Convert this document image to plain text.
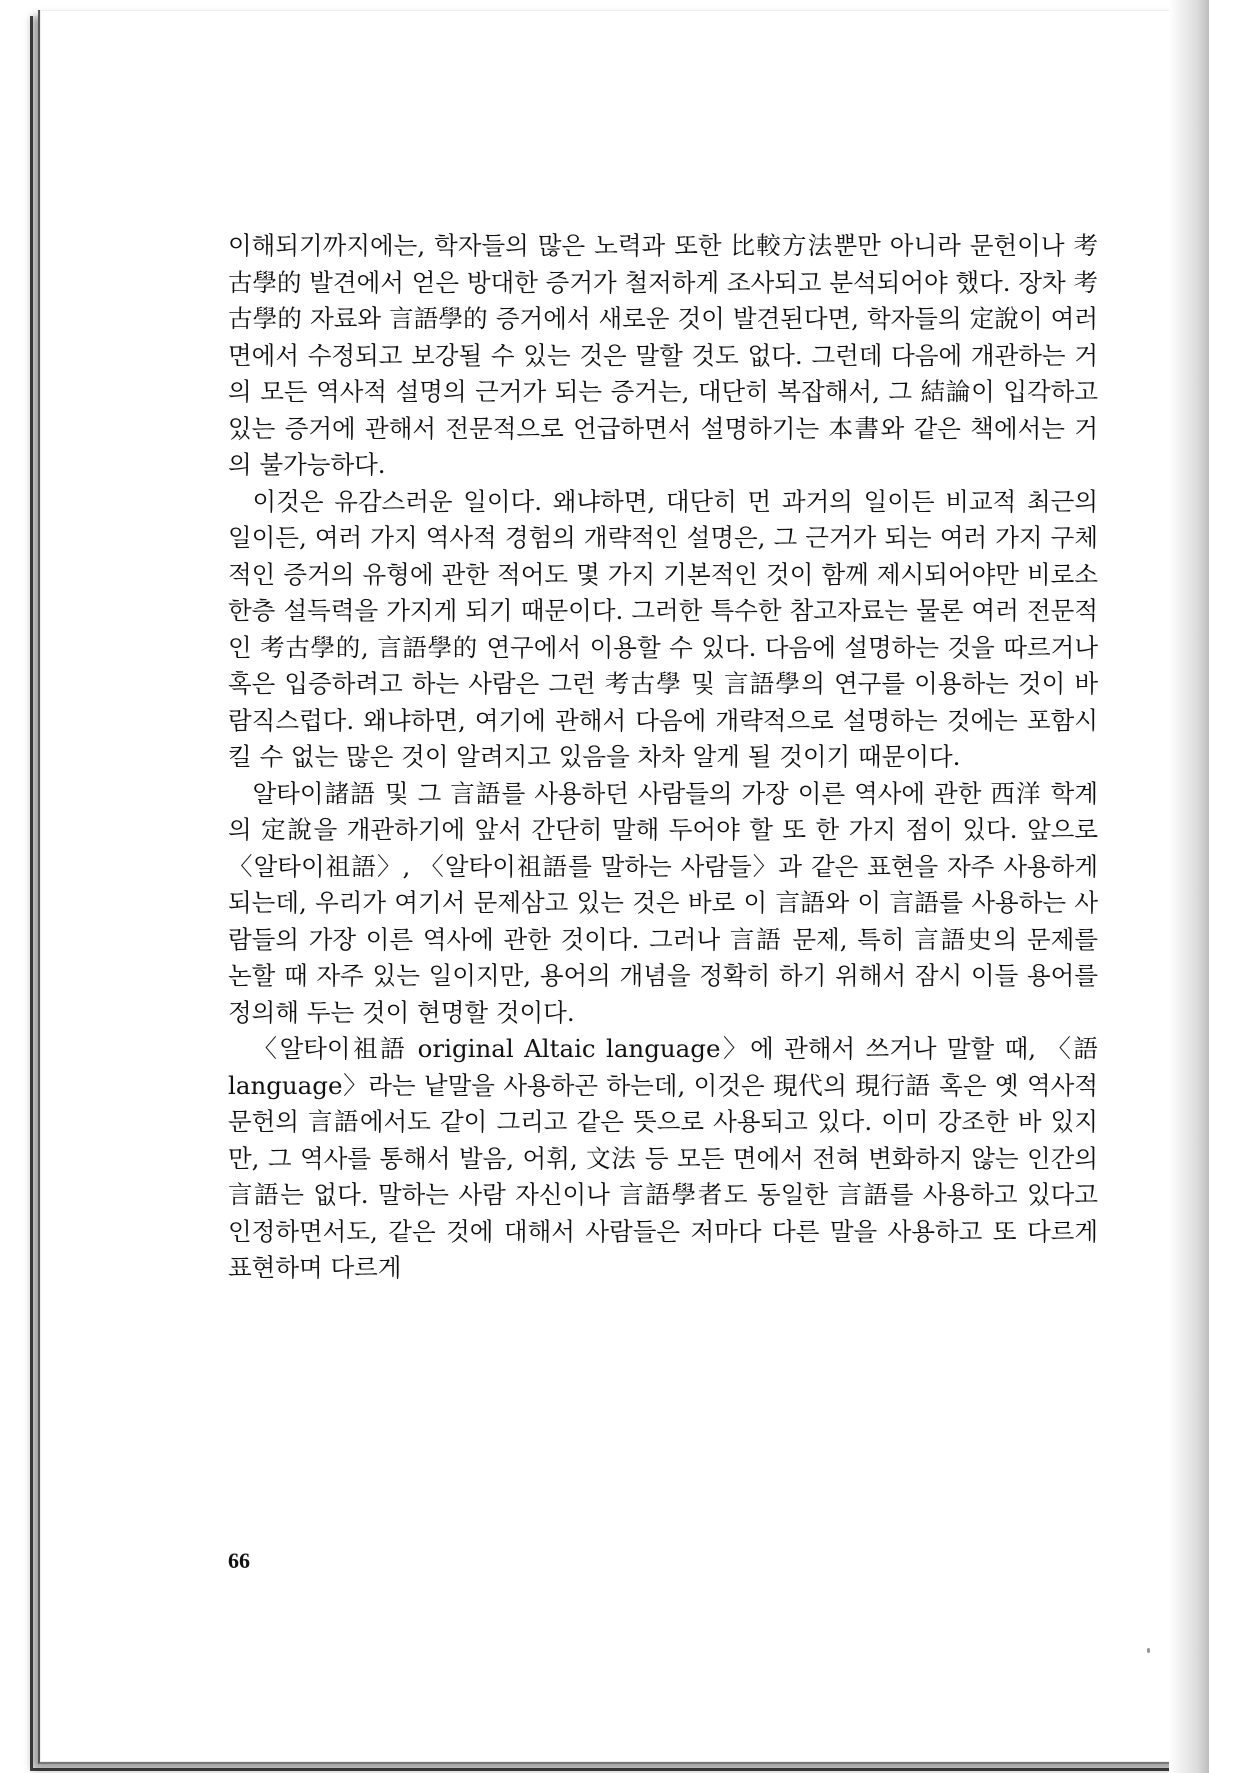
이해되기까지에는, 학자들의 많은 노력과 또한 比較方法뿐만 아니라 문헌이나 考古學的 발견에서 얻은 방대한 증거가 철저하게 조사되고 분석되어야 했다. 장차 考古學的 자료와 言語學的 증거에서 새로운 것이 발견된다면, 학자들의 定說이 여러 면에서 수정되고 보강될 수 있는 것은 말할 것도 없다. 그런데 다음에 개관하는 거의 모든 역사적 설명의 근거가 되는 증거는, 대단히 복잡해서, 그 結論이 입각하고 있는 증거에 관해서 전문적으로 언급하면서 설명하기는 本書와 같은 책에서는 거의 불가능하다.

이것은 유감스러운 일이다. 왜냐하면, 대단히 먼 과거의 일이든 비교적 최근의 일이든, 여러 가지 역사적 경험의 개략적인 설명은, 그 근거가 되는 여러 가지 구체적인 증거의 유형에 관한 적어도 몇 가지 기본적인 것이 함께 제시되어야만 비로소 한층 설득력을 가지게 되기 때문이다. 그러한 특수한 참고자료는 물론 여러 전문적인 考古學的, 言語學的 연구에서 이용할 수 있다. 다음에 설명하는 것을 따르거나 혹은 입증하려고 하는 사람은 그런 考古學 및 言語學의 연구를 이용하는 것이 바람직스럽다. 왜냐하면, 여기에 관해서 다음에 개략적으로 설명하는 것에는 포함시킬 수 없는 많은 것이 알려지고 있음을 차차 알게 될 것이기 때문이다.

알타이諸語 및 그 言語를 사용하던 사람들의 가장 이른 역사에 관한 西洋 학계의 定說을 개관하기에 앞서 간단히 말해 두어야 할 또 한 가지 점이 있다. 앞으로 〈알타이祖語〉, 〈알타이祖語를 말하는 사람들〉과 같은 표현을 자주 사용하게 되는데, 우리가 여기서 문제삼고 있는 것은 바로 이 言語와 이 言語를 사용하는 사람들의 가장 이른 역사에 관한 것이다. 그러나 言語 문제, 특히 言語史의 문제를 논할 때 자주 있는 일이지만, 용어의 개념을 정확히 하기 위해서 잠시 이들 용어를 정의해 두는 것이 현명할 것이다.

〈알타이祖語 original Altaic language〉에 관해서 쓰거나 말할 때, 〈語 language〉라는 낱말을 사용하곤 하는데, 이것은 現代의 現行語 혹은 옛 역사적 문헌의 言語에서도 같이 그리고 같은 뜻으로 사용되고 있다. 이미 강조한 바 있지만, 그 역사를 통해서 발음, 어휘, 文法 등 모든 면에서 전혀 변화하지 않는 인간의 言語는 없다. 말하는 사람 자신이나 言語學者도 동일한 言語를 사용하고 있다고 인정하면서도, 같은 것에 대해서 사람들은 저마다 다른 말을 사용하고 또 다르게 표현하며 다르게

66
